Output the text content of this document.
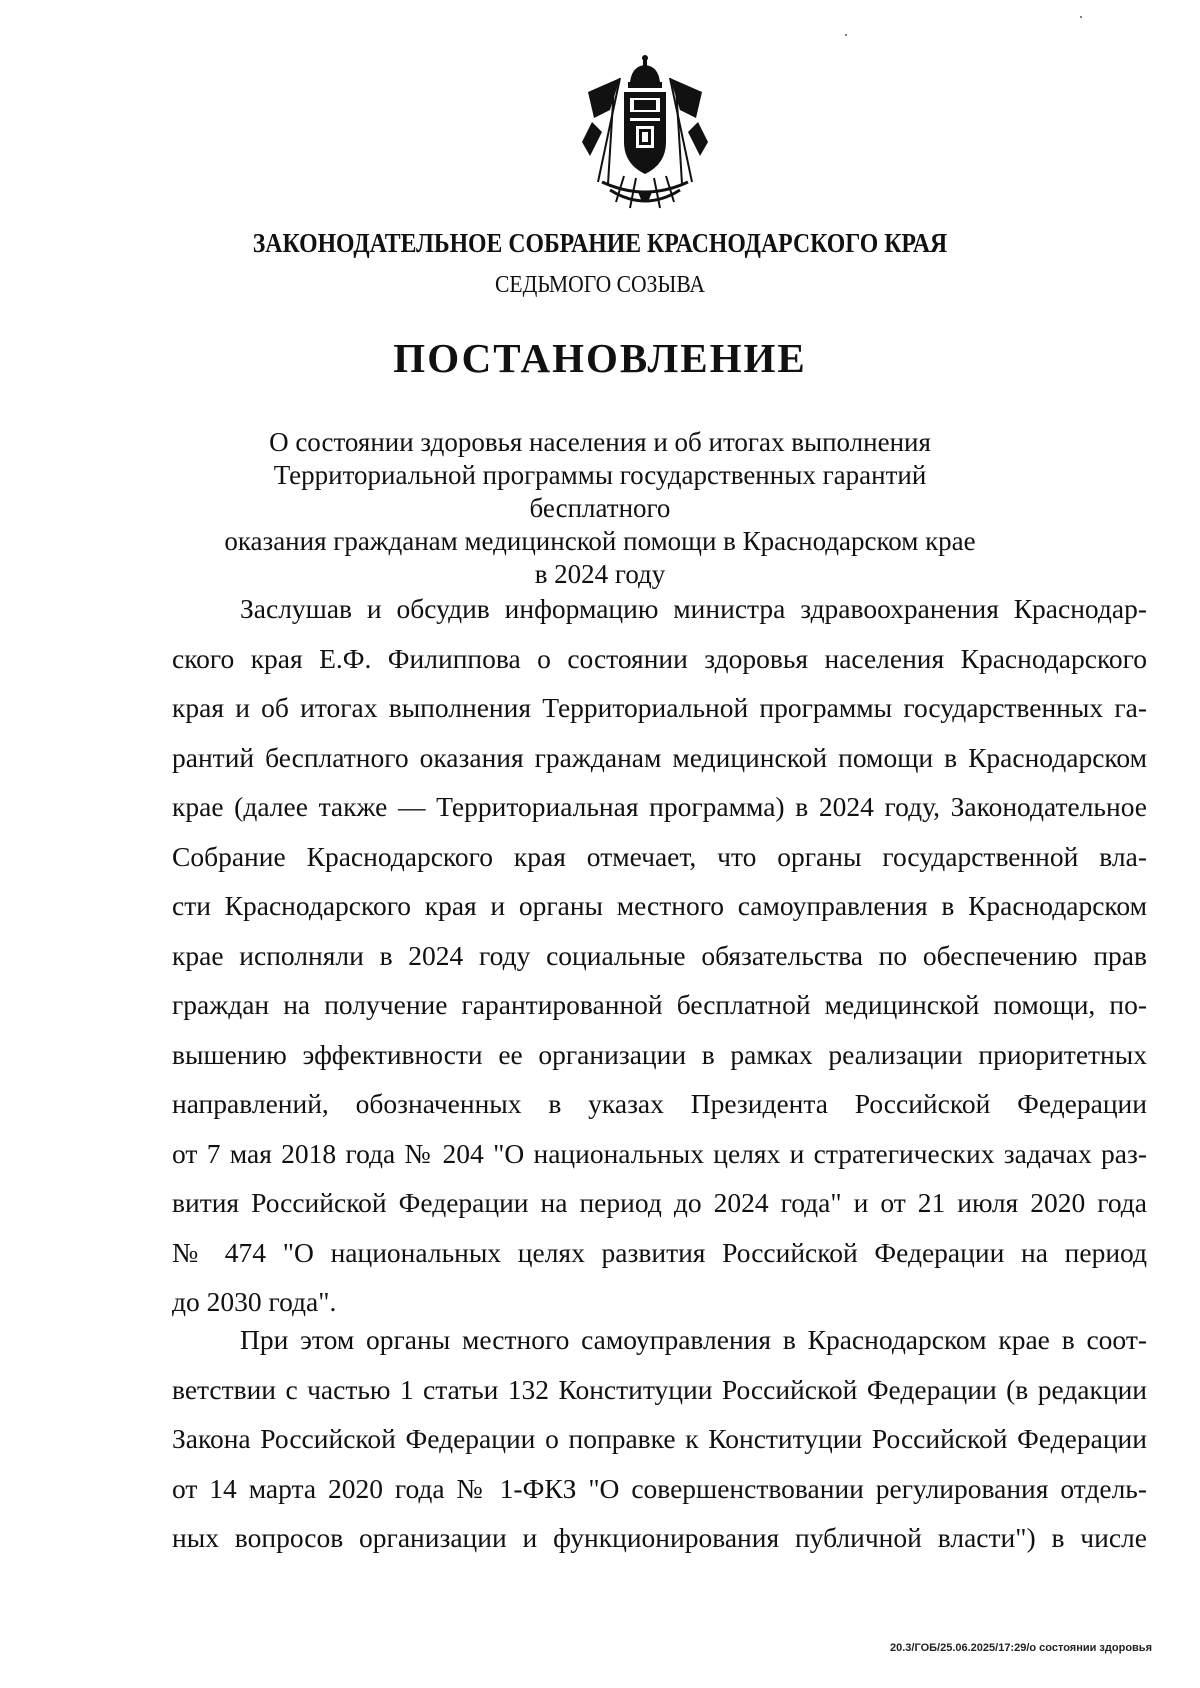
ЗАКОНОДАТЕЛЬНОЕ СОБРАНИЕ КРАСНОДАРСКОГО КРАЯ
СЕДЬМОГО СОЗЫВА
ПОСТАНОВЛЕНИЕ
О состоянии здоровья населения и об итогах выполнения
Территориальной программы государственных гарантий бесплатного
оказания гражданам медицинской помощи в Краснодарском крае
в 2024 году
Заслушав и обсудив информацию министра здравоохранения Краснодар-
ского края Е.Ф. Филиппова о состоянии здоровья населения Краснодарского
края и об итогах выполнения Территориальной программы государственных га-
рантий бесплатного оказания гражданам медицинской помощи в Краснодарском
крае (далее также — Территориальная программа) в 2024 году, Законодательное
Собрание Краснодарского края отмечает, что органы государственной вла-
сти Краснодарского края и органы местного самоуправления в Краснодарском
крае исполняли в 2024 году социальные обязательства по обеспечению прав
граждан на получение гарантированной бесплатной медицинской помощи, по-
вышению эффективности ее организации в рамках реализации приоритетных
направлений, обозначенных в указах Президента Российской Федерации
от 7 мая 2018 года № 204 "О национальных целях и стратегических задачах раз-
вития Российской Федерации на период до 2024 года" и от 21 июля 2020 года
№ 474 "О национальных целях развития Российской Федерации на период
до 2030 года".
При этом органы местного самоуправления в Краснодарском крае в соот-
ветствии с частью 1 статьи 132 Конституции Российской Федерации (в редакции
Закона Российской Федерации о поправке к Конституции Российской Федерации
от 14 марта 2020 года № 1-ФКЗ "О совершенствовании регулирования отдель-
ных вопросов организации и функционирования публичной власти") в числе
20.3/ГОБ/25.06.2025/17:29/о состоянии здоровья
